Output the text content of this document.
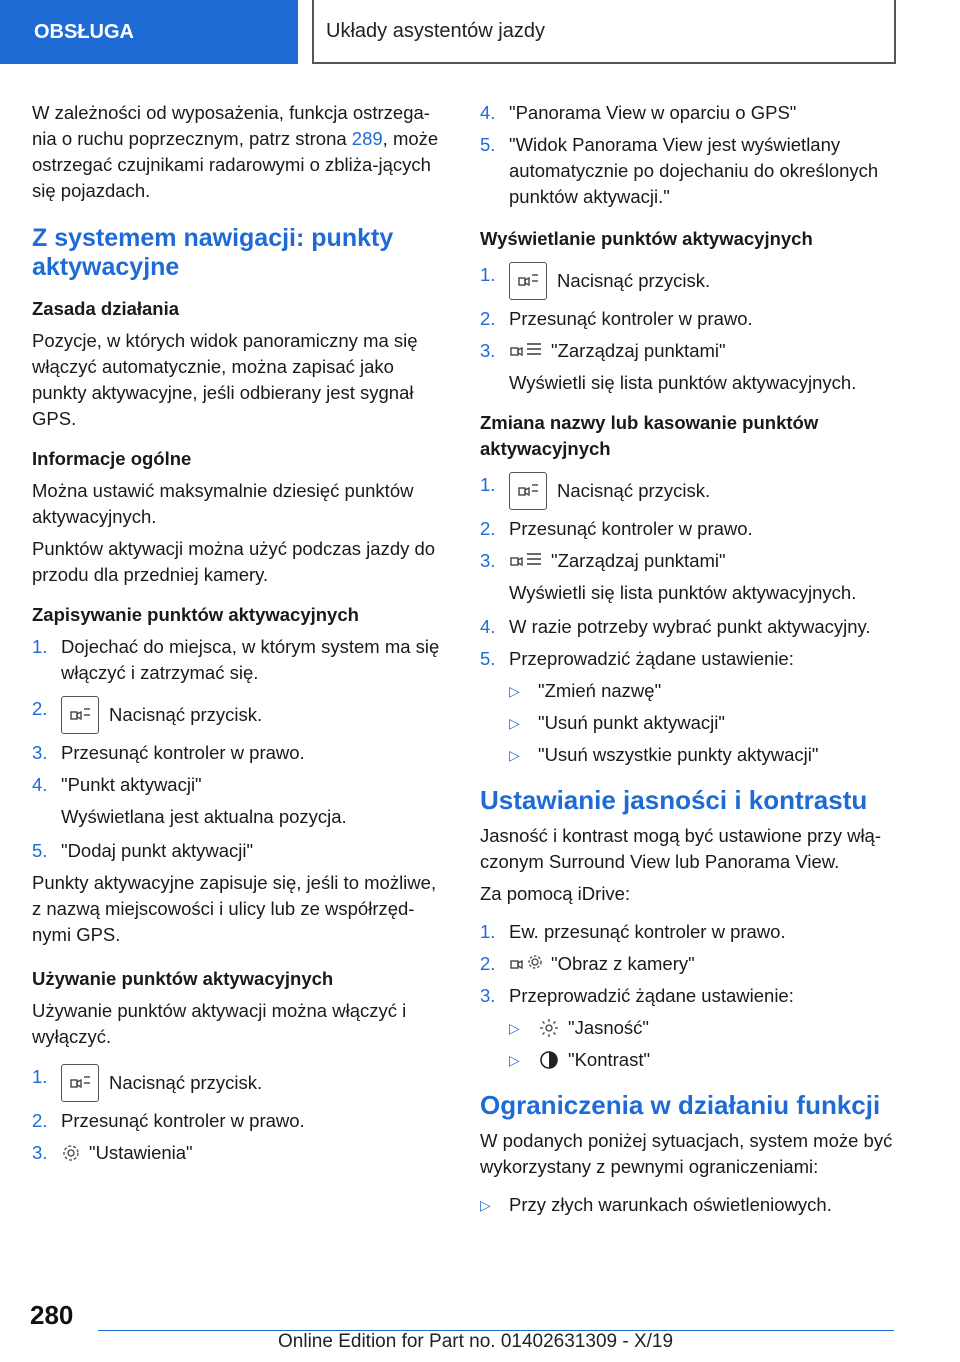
OBSŁUGA	Układy asystentów jazdy

W zależności od wyposażenia, funkcja ostrzega-nia o ruchu poprzecznym, patrz strona 289, może ostrzegać czujnikami radarowymi o zbliża-jących się pojazdach.

Z systemem nawigacji: punkty aktywacyjne
Zasada działania

Pozycje, w których widok panoramiczny ma się włączyć automatycznie, można zapisać jako punkty aktywacyjne, jeśli odbierany jest sygnał GPS.

Informacje ogólne

Można ustawić maksymalnie dziesięć punktów aktywacyjnych.

Punktów aktywacji można użyć podczas jazdy do przodu dla przedniej kamery.

Zapisywanie punktów aktywacyjnych
1. Dojechać do miejsca, w którym system ma się włączyć i zatrzymać się.
2.	Nacisnąć przycisk.
3. Przesunąć kontroler w prawo.
4. "Punkt aktywacji"
Wyświetlana jest aktualna pozycja.
5. "Dodaj punkt aktywacji"

Punkty aktywacyjne zapisuje się, jeśli to możliwe, z nazwą miejscowości i ulicy lub ze współrzęd-nymi GPS.

Używanie punktów aktywacyjnych

Używanie punktów aktywacji można włączyć i wyłączyć.

1.	Nacisnąć przycisk.
2. Przesunąć kontroler w prawo.
3.	"Ustawienia"
4. "Panorama View w oparciu o GPS"
5. "Widok Panorama View jest wyświetlany automatycznie po dojechaniu do określonych punktów aktywacji."
Wyświetlanie punktów aktywacyjnych
1.	Nacisnąć przycisk.
2. Przesunąć kontroler w prawo.
3.	"Zarządzaj punktami"
Wyświetli się lista punktów aktywacyjnych.
Zmiana nazwy lub kasowanie punktów aktywacyjnych
1.	Nacisnąć przycisk.
2. Przesunąć kontroler w prawo.
3.	"Zarządzaj punktami"
Wyświetli się lista punktów aktywacyjnych.
4. W razie potrzeby wybrać punkt aktywacyjny.
5. Przeprowadzić żądane ustawienie:
▷ "Zmień nazwę"
▷ "Usuń punkt aktywacji"
▷ "Usuń wszystkie punkty aktywacji"
Ustawianie jasności i kontrastu

Jasność i kontrast mogą być ustawione przy włą-czonym Surround View lub Panorama View.

Za pomocą iDrive:

1. Ew. przesunąć kontroler w prawo.
2.	"Obraz z kamery"
3. Przeprowadzić żądane ustawienie:
▷	"Jasność"
▷	"Kontrast"
Ograniczenia w działaniu funkcji

W podanych poniżej sytuacjach, system może być wykorzystany z pewnymi ograniczeniami:

▷ Przy złych warunkach oświetleniowych.
280
Online Edition for Part no. 01402631309 - X/19
